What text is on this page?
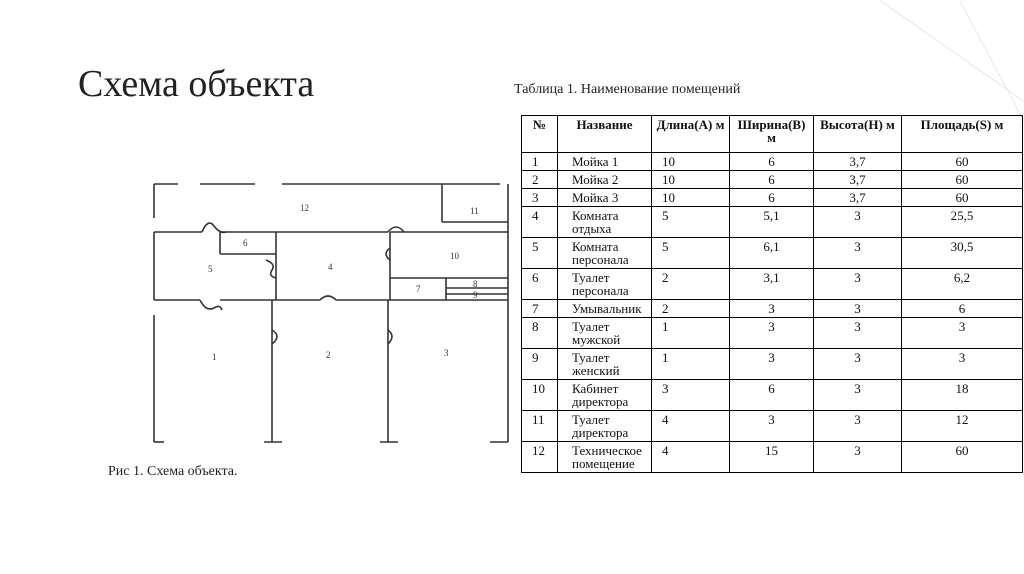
Схема объекта	Таблица 1. Наименование помещений
1	2	3
4
5
6
7	8
9
10
11
12
Рис 1. Схема объекта.
№	Название	Длина(А) м	Ширина(В) м	Высота(Н) м	Площадь(S) м
1	Мойка 1	10	6	3,7	60
2	Мойка 2	10	6	3,7	60
3	Мойка 3	10	6	3,7	60
4	Комната отдыха	5	5,1	3	25,5
5	Комната персонала	5	6,1	3	30,5
6	Туалет персонала	2	3,1	3	6,2
7	Умывальник	2	3	3	6
8	Туалет мужской	1	3	3	3
9	Туалет женский	1	3	3	3
10	Кабинет директора	3	6	3	18
11	Туалет директора	4	3	3	12
12	Техническое помещение	4	15	3	60
